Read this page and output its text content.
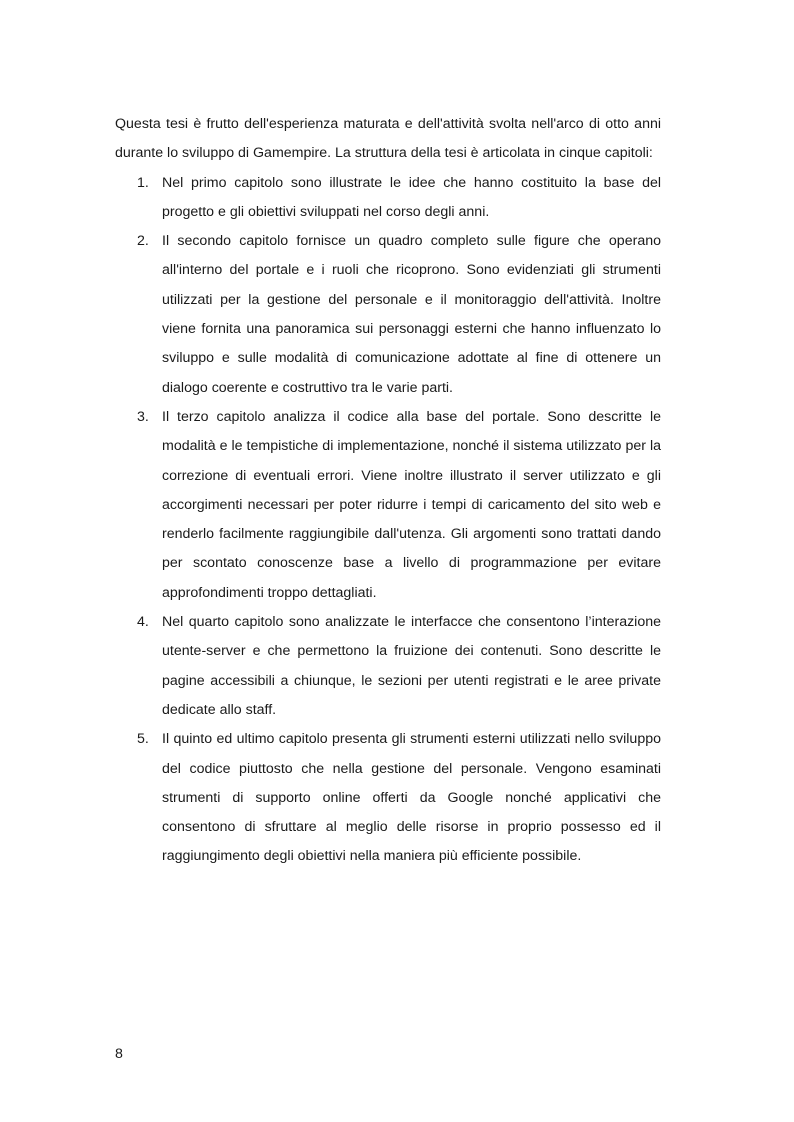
Questa tesi è frutto dell'esperienza maturata e dell'attività svolta nell'arco di otto anni durante lo sviluppo di Gamempire. La struttura della tesi è articolata in cinque capitoli:

1. Nel primo capitolo sono illustrate le idee che hanno costituito la base del progetto e gli obiettivi sviluppati nel corso degli anni.
2. Il secondo capitolo fornisce un quadro completo sulle figure che operano all'interno del portale e i ruoli che ricoprono. Sono evidenziati gli strumenti utilizzati per la gestione del personale e il monitoraggio dell'attività. Inoltre viene fornita una panoramica sui personaggi esterni che hanno influenzato lo sviluppo e sulle modalità di comunicazione adottate al fine di ottenere un dialogo coerente e costruttivo tra le varie parti.
3. Il terzo capitolo analizza il codice alla base del portale. Sono descritte le modalità e le tempistiche di implementazione, nonché il sistema utilizzato per la correzione di eventuali errori. Viene inoltre illustrato il server utilizzato e gli accorgimenti necessari per poter ridurre i tempi di caricamento del sito web e renderlo facilmente raggiungibile dall'utenza. Gli argomenti sono trattati dando per scontato conoscenze base a livello di programmazione per evitare approfondimenti troppo dettagliati.
4. Nel quarto capitolo sono analizzate le interfacce che consentono l’interazione utente-server e che permettono la fruizione dei contenuti. Sono descritte le pagine accessibili a chiunque, le sezioni per utenti registrati e le aree private dedicate allo staff.
5. Il quinto ed ultimo capitolo presenta gli strumenti esterni utilizzati nello sviluppo del codice piuttosto che nella gestione del personale. Vengono esaminati strumenti di supporto online offerti da Google nonché applicativi che consentono di sfruttare al meglio delle risorse in proprio possesso ed il raggiungimento degli obiettivi nella maniera più efficiente possibile.
8
